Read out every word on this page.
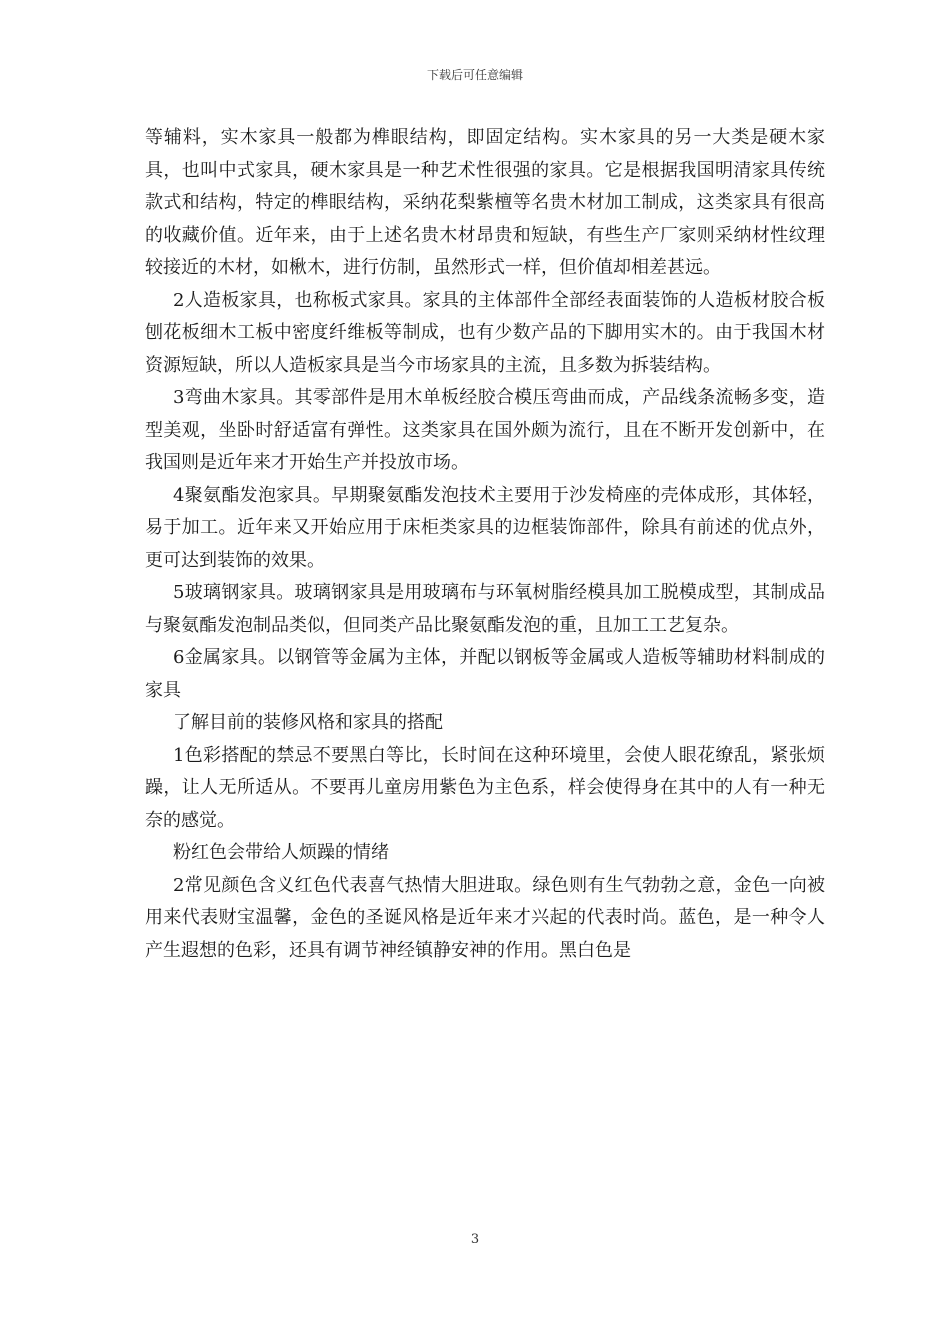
下载后可任意编辑

等辅料，实木家具一般都为榫眼结构，即固定结构。实木家具的另一大类是硬木家具，也叫中式家具，硬木家具是一种艺术性很强的家具。它是根据我国明清家具传统款式和结构，特定的榫眼结构，采纳花梨紫檀等名贵木材加工制成，这类家具有很高的收藏价值。近年来，由于上述名贵木材昂贵和短缺，有些生产厂家则采纳材性纹理较接近的木材，如楸木，进行仿制，虽然形式一样，但价值却相差甚远。

2人造板家具，也称板式家具。家具的主体部件全部经表面装饰的人造板材胶合板刨花板细木工板中密度纤维板等制成，也有少数产品的下脚用实木的。由于我国木材资源短缺，所以人造板家具是当今市场家具的主流，且多数为拆装结构。

3弯曲木家具。其零部件是用木单板经胶合模压弯曲而成，产品线条流畅多变，造型美观，坐卧时舒适富有弹性。这类家具在国外颇为流行，且在不断开发创新中，在我国则是近年来才开始生产并投放市场。

4聚氨酯发泡家具。早期聚氨酯发泡技术主要用于沙发椅座的壳体成形，其体轻，易于加工。近年来又开始应用于床柜类家具的边框装饰部件，除具有前述的优点外，更可达到装饰的效果。

5玻璃钢家具。玻璃钢家具是用玻璃布与环氧树脂经模具加工脱模成型，其制成品与聚氨酯发泡制品类似，但同类产品比聚氨酯发泡的重，且加工工艺复杂。

6金属家具。以钢管等金属为主体，并配以钢板等金属或人造板等辅助材料制成的家具

了解目前的装修风格和家具的搭配

1色彩搭配的禁忌不要黑白等比，长时间在这种环境里，会使人眼花缭乱，紧张烦躁，让人无所适从。不要再儿童房用紫色为主色系，样会使得身在其中的人有一种无奈的感觉。

粉红色会带给人烦躁的情绪

2常见颜色含义红色代表喜气热情大胆进取。绿色则有生气勃勃之意，金色一向被用来代表财宝温馨，金色的圣诞风格是近年来才兴起的代表时尚。蓝色，是一种令人产生遐想的色彩，还具有调节神经镇静安神的作用。黑白色是

3
